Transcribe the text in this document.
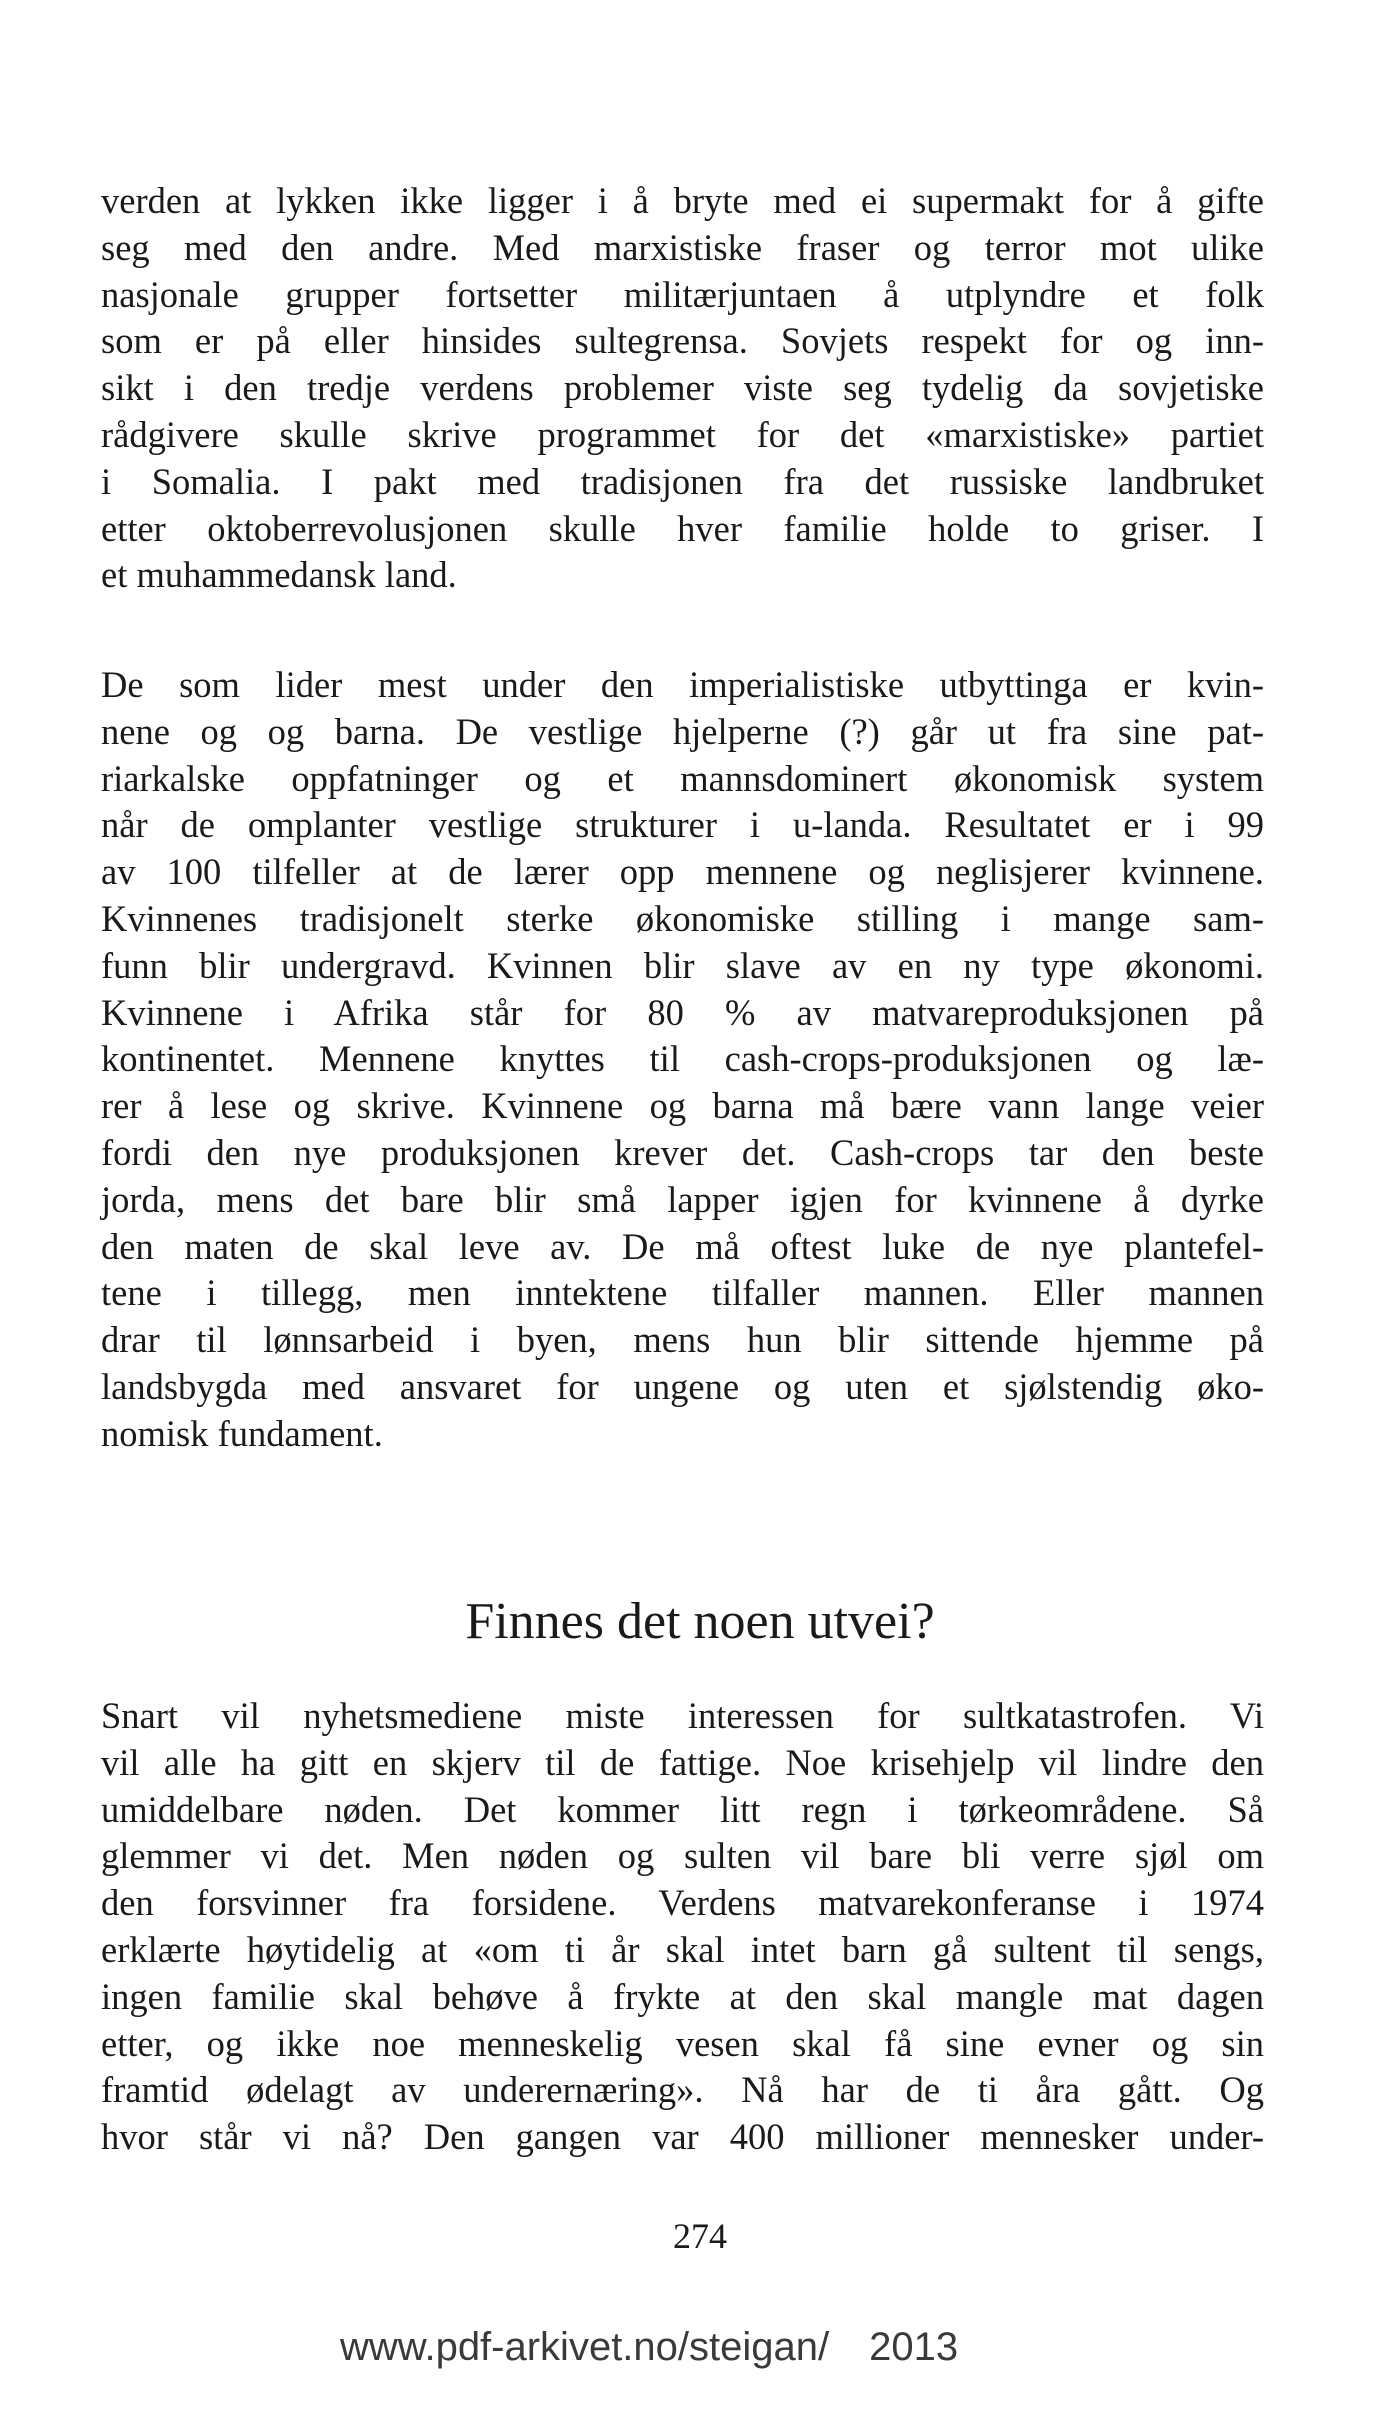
verden at lykken ikke ligger i å bryte med ei supermakt for å gifte
seg med den andre. Med marxistiske fraser og terror mot ulike
nasjonale grupper fortsetter militærjuntaen å utplyndre et folk
som er på eller hinsides sultegrensa. Sovjets respekt for og inn-
sikt i den tredje verdens problemer viste seg tydelig da sovjetiske
rådgivere skulle skrive programmet for det «marxistiske» partiet
i Somalia. I pakt med tradisjonen fra det russiske landbruket
etter oktoberrevolusjonen skulle hver familie holde to griser. I
et muhammedansk land.
De som lider mest under den imperialistiske utbyttinga er kvin-
nene og og barna. De vestlige hjelperne (?) går ut fra sine pat-
riarkalske oppfatninger og et mannsdominert økonomisk system
når de omplanter vestlige strukturer i u-landa. Resultatet er i 99
av 100 tilfeller at de lærer opp mennene og neglisjerer kvinnene.
Kvinnenes tradisjonelt sterke økonomiske stilling i mange sam-
funn blir undergravd. Kvinnen blir slave av en ny type økonomi.
Kvinnene i Afrika står for 80 % av matvareproduksjonen på
kontinentet. Mennene knyttes til cash-crops-produksjonen og læ-
rer å lese og skrive. Kvinnene og barna må bære vann lange veier
fordi den nye produksjonen krever det. Cash-crops tar den beste
jorda, mens det bare blir små lapper igjen for kvinnene å dyrke
den maten de skal leve av. De må oftest luke de nye plantefel-
tene i tillegg, men inntektene tilfaller mannen. Eller mannen
drar til lønnsarbeid i byen, mens hun blir sittende hjemme på
landsbygda med ansvaret for ungene og uten et sjølstendig øko-
nomisk fundament.
Finnes det noen utvei?
Snart vil nyhetsmediene miste interessen for sultkatastrofen. Vi
vil alle ha gitt en skjerv til de fattige. Noe krisehjelp vil lindre den
umiddelbare nøden. Det kommer litt regn i tørkeområdene. Så
glemmer vi det. Men nøden og sulten vil bare bli verre sjøl om
den forsvinner fra forsidene. Verdens matvarekonferanse i 1974
erklærte høytidelig at «om ti år skal intet barn gå sultent til sengs,
ingen familie skal behøve å frykte at den skal mangle mat dagen
etter, og ikke noe menneskelig vesen skal få sine evner og sin
framtid ødelagt av underernæring». Nå har de ti åra gått. Og
hvor står vi nå? Den gangen var 400 millioner mennesker under-
274
www.pdf-arkivet.no/steigan/ 2013
